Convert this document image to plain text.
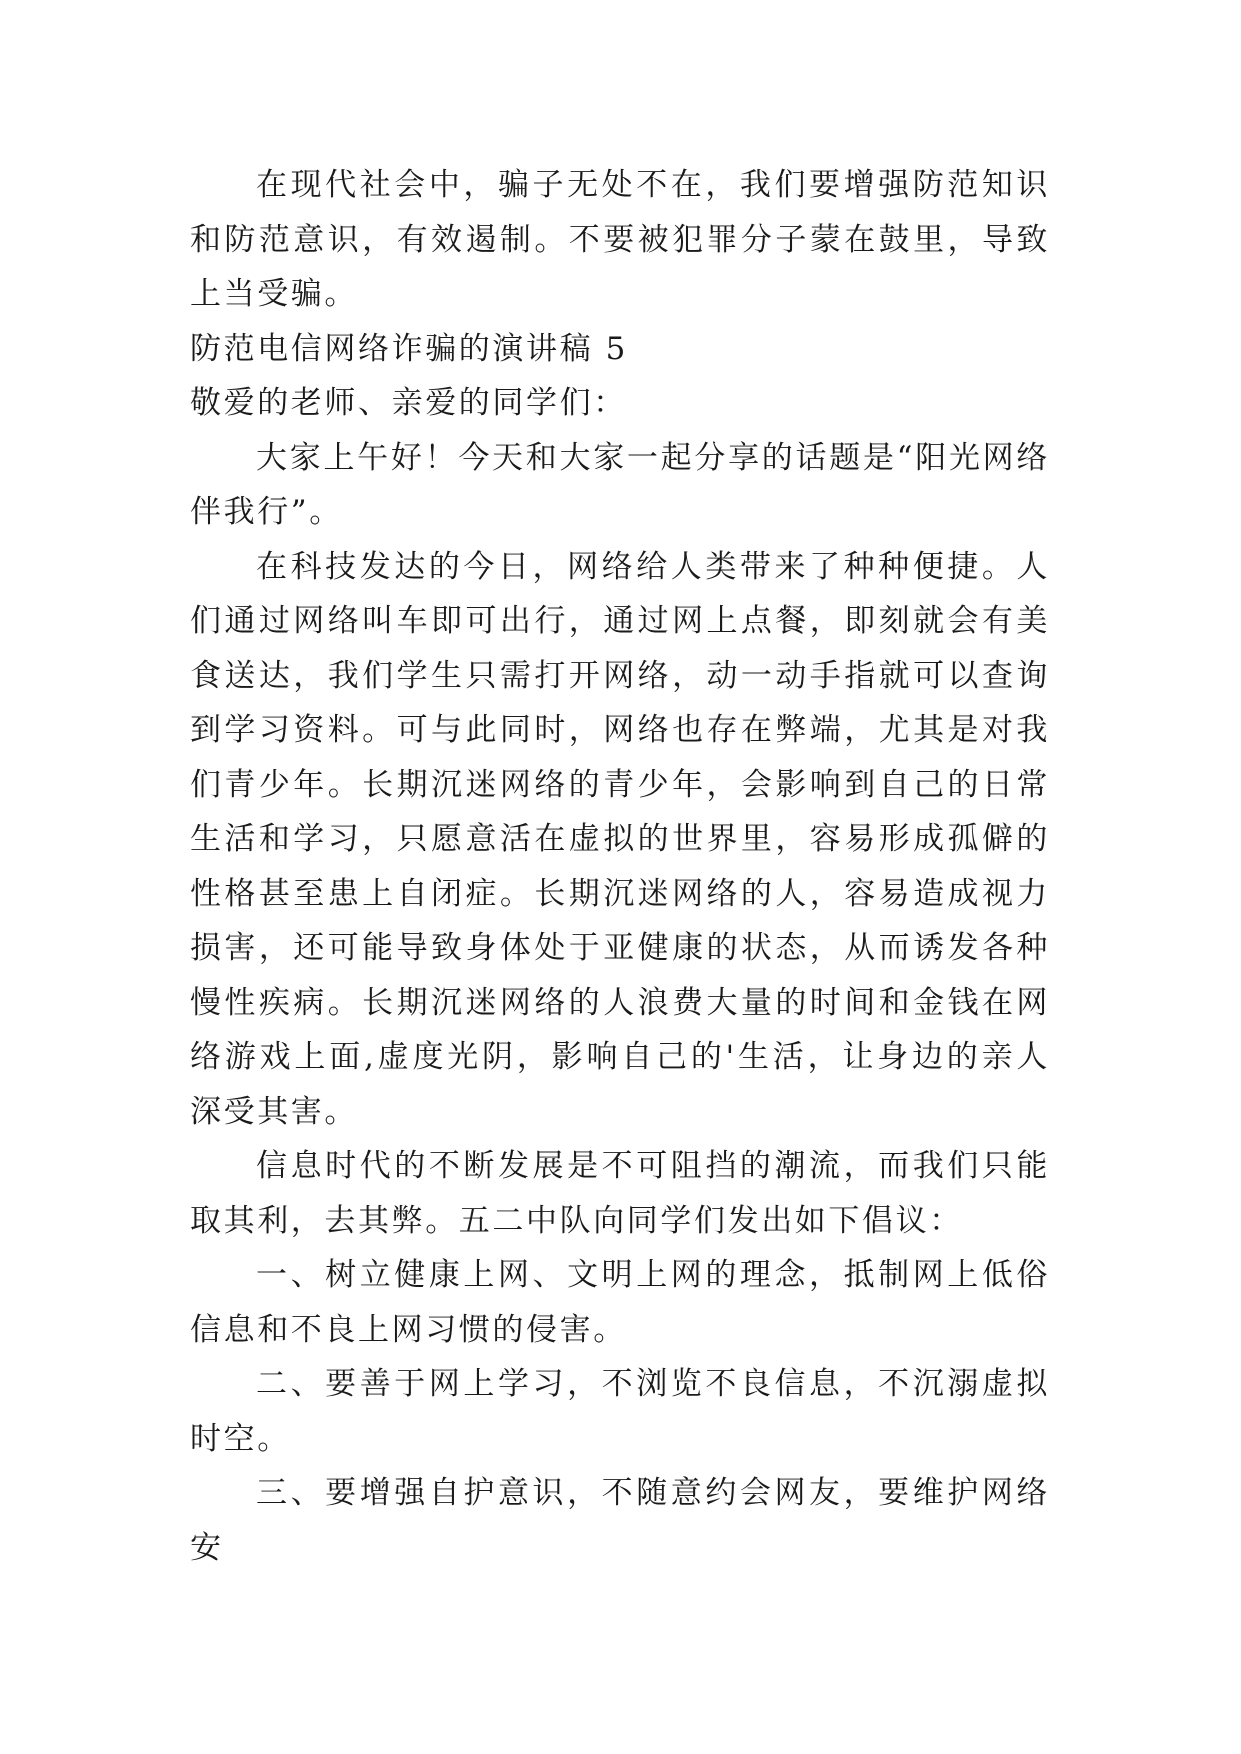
在现代社会中，骗子无处不在，我们要增强防范知识和防范意识，有效遏制。不要被犯罪分子蒙在鼓里，导致上当受骗。

防范电信网络诈骗的演讲稿 5

敬爱的老师、亲爱的同学们：

大家上午好！今天和大家一起分享的话题是“阳光网络伴我行”。

在科技发达的今日，网络给人类带来了种种便捷。人们通过网络叫车即可出行，通过网上点餐，即刻就会有美食送达，我们学生只需打开网络，动一动手指就可以查询到学习资料。可与此同时，网络也存在弊端，尤其是对我们青少年。长期沉迷网络的青少年，会影响到自己的日常生活和学习，只愿意活在虚拟的世界里，容易形成孤僻的性格甚至患上自闭症。长期沉迷网络的人，容易造成视力损害，还可能导致身体处于亚健康的状态，从而诱发各种慢性疾病。长期沉迷网络的人浪费大量的时间和金钱在网络游戏上面,虚度光阴，影响自己的'生活，让身边的亲人深受其害。

信息时代的不断发展是不可阻挡的潮流，而我们只能取其利，去其弊。五二中队向同学们发出如下倡议：

一、树立健康上网、文明上网的理念，抵制网上低俗信息和不良上网习惯的侵害。

二、要善于网上学习，不浏览不良信息，不沉溺虚拟时空。

三、要增强自护意识，不随意约会网友，要维护网络安
